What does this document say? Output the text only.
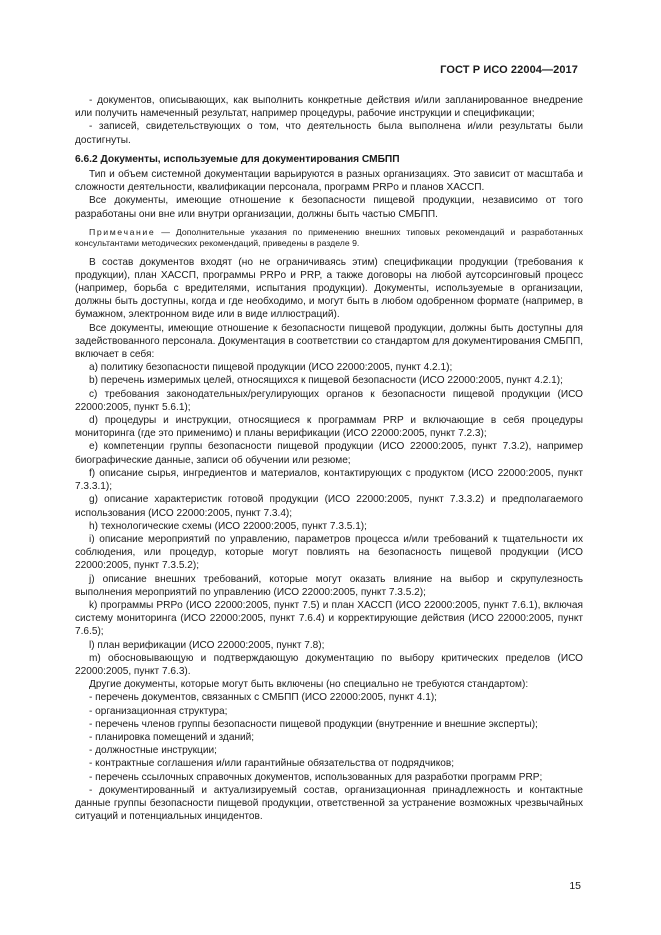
ГОСТ Р ИСО 22004—2017

- документов, описывающих, как выполнить конкретные действия и/или запланированное внедрение или получить намеченный результат, например процедуры, рабочие инструкции и спецификации;

- записей, свидетельствующих о том, что деятельность была выполнена и/или результаты были достигнуты.

6.6.2 Документы, используемые для документирования СМБПП

Тип и объем системной документации варьируются в разных организациях. Это зависит от масштаба и сложности деятельности, квалификации персонала, программ PRPo и планов ХАССП.

Все документы, имеющие отношение к безопасности пищевой продукции, независимо от того разработаны они вне или внутри организации, должны быть частью СМБПП.

Примечание — Дополнительные указания по применению внешних типовых рекомендаций и разработанных консультантами методических рекомендаций, приведены в разделе 9.

В состав документов входят (но не ограничиваясь этим) спецификации продукции (требования к продукции), план ХАССП, программы PRPo и PRP, а также договоры на любой аутсорсинговый процесс (например, борьба с вредителями, испытания продукции). Документы, используемые в организации, должны быть доступны, когда и где необходимо, и могут быть в любом одобренном формате (например, в бумажном, электронном виде или в виде иллюстраций).

Все документы, имеющие отношение к безопасности пищевой продукции, должны быть доступны для задействованного персонала. Документация в соответствии со стандартом для документирования СМБПП, включает в себя:

a) политику безопасности пищевой продукции (ИСО 22000:2005, пункт 4.2.1);

b) перечень измеримых целей, относящихся к пищевой безопасности (ИСО 22000:2005, пункт 4.2.1);

c) требования законодательных/регулирующих органов к безопасности пищевой продукции (ИСО 22000:2005, пункт 5.6.1);

d) процедуры и инструкции, относящиеся к программам PRP и включающие в себя процедуры мониторинга (где это применимо) и планы верификации (ИСО 22000:2005, пункт 7.2.3);

e) компетенции группы безопасности пищевой продукции (ИСО 22000:2005, пункт 7.3.2), например биографические данные, записи об обучении или резюме;

f) описание сырья, ингредиентов и материалов, контактирующих с продуктом (ИСО 22000:2005, пункт 7.3.3.1);

g) описание характеристик готовой продукции (ИСО 22000:2005, пункт 7.3.3.2) и предполагаемого использования (ИСО 22000:2005, пункт 7.3.4);

h) технологические схемы (ИСО 22000:2005, пункт 7.3.5.1);

i) описание мероприятий по управлению, параметров процесса и/или требований к тщательности их соблюдения, или процедур, которые могут повлиять на безопасность пищевой продукции (ИСО 22000:2005, пункт 7.3.5.2);

j) описание внешних требований, которые могут оказать влияние на выбор и скрупулезность выполнения мероприятий по управлению (ИСО 22000:2005, пункт 7.3.5.2);

k) программы PRPo (ИСО 22000:2005, пункт 7.5) и план ХАССП (ИСО 22000:2005, пункт 7.6.1), включая систему мониторинга (ИСО 22000:2005, пункт 7.6.4) и корректирующие действия (ИСО 22000:2005, пункт 7.6.5);

l) план верификации (ИСО 22000:2005, пункт 7.8);

m) обосновывающую и подтверждающую документацию по выбору критических пределов (ИСО 22000:2005, пункт 7.6.3).

Другие документы, которые могут быть включены (но специально не требуются стандартом):

- перечень документов, связанных с СМБПП (ИСО 22000:2005, пункт 4.1);

- организационная структура;

- перечень членов группы безопасности пищевой продукции (внутренние и внешние эксперты);

- планировка помещений и зданий;

- должностные инструкции;

- контрактные соглашения и/или гарантийные обязательства от подрядчиков;

- перечень ссылочных справочных документов, использованных для разработки программ PRP;

- документированный и актуализируемый состав, организационная принадлежность и контактные данные группы безопасности пищевой продукции, ответственной за устранение возможных чрезвычайных ситуаций и потенциальных инцидентов.

15
